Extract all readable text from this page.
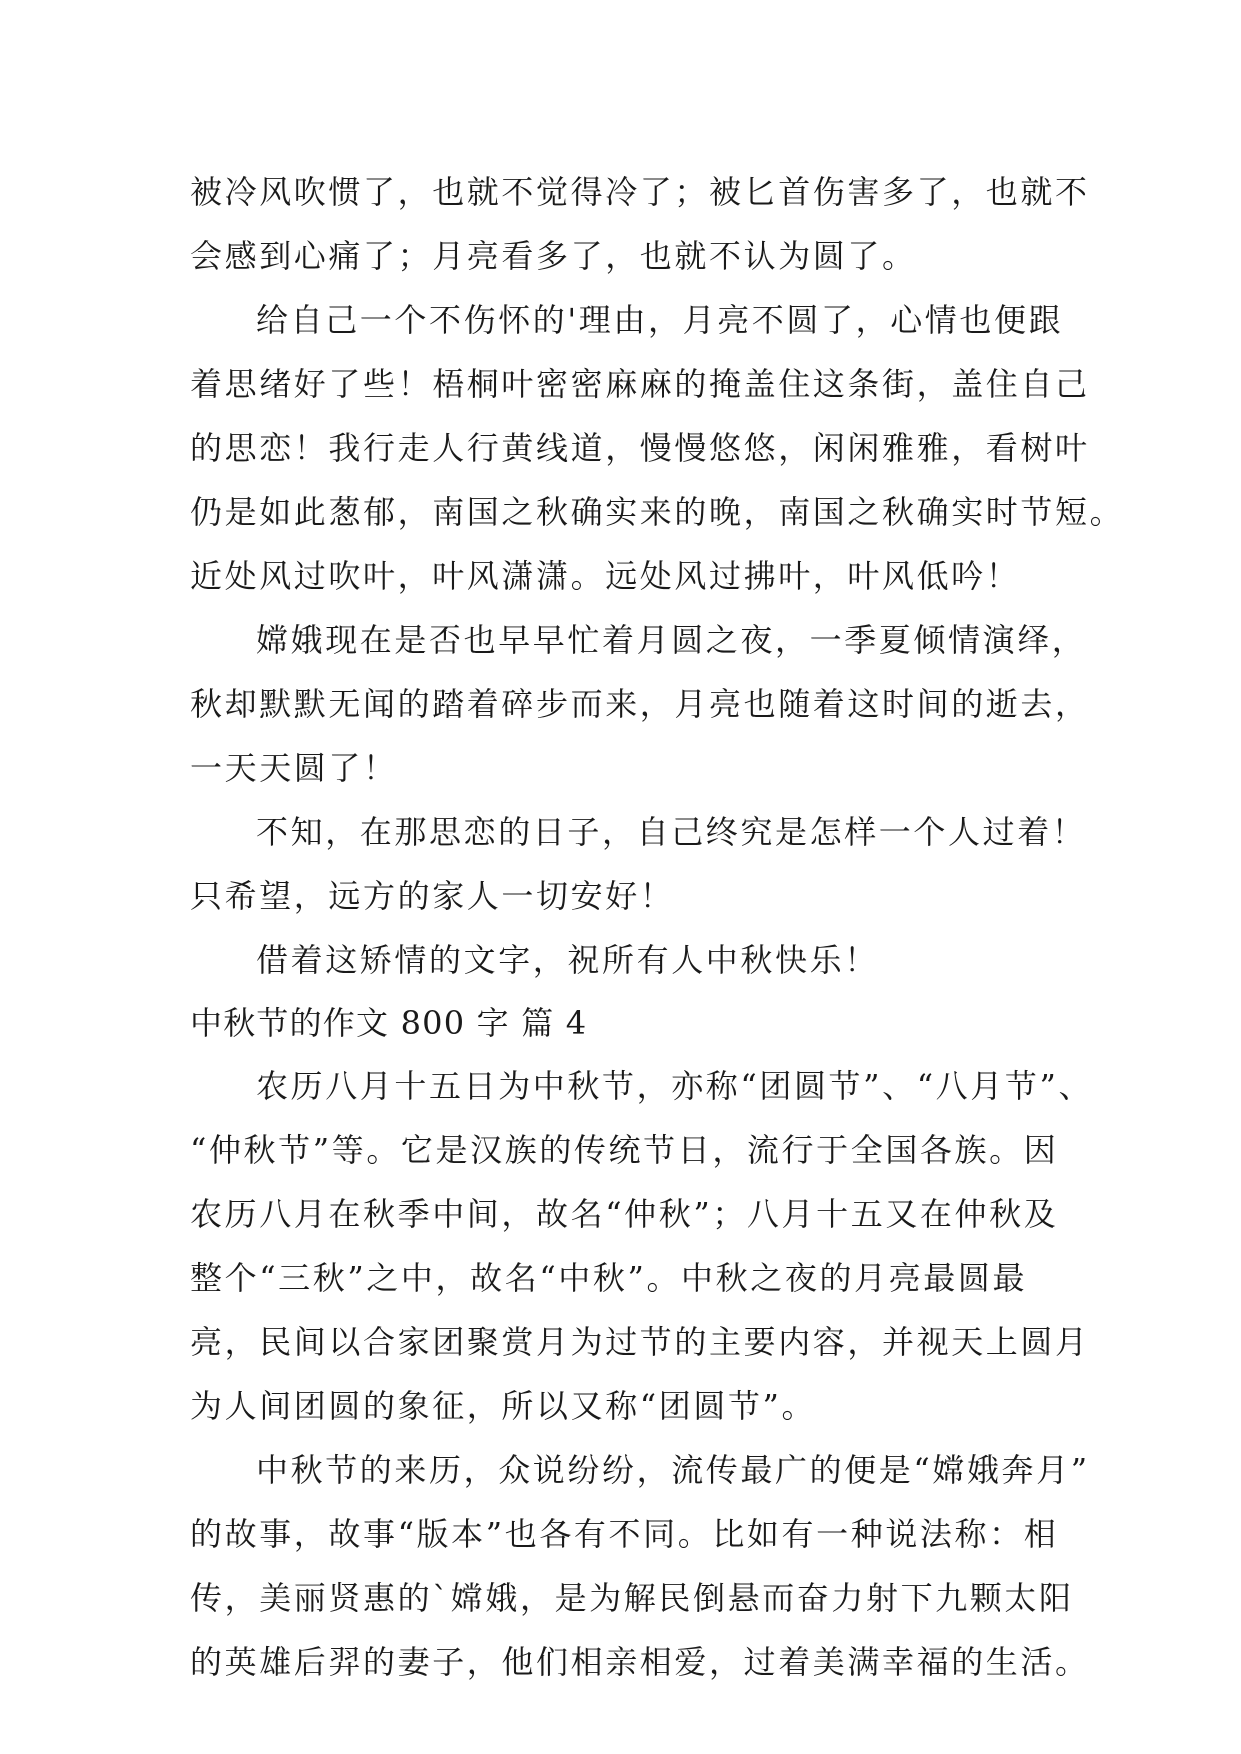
被冷风吹惯了，也就不觉得冷了；被匕首伤害多了，也就不
会感到心痛了；月亮看多了，也就不认为圆了。
给自己一个不伤怀的'理由，月亮不圆了，心情也便跟
着思绪好了些！梧桐叶密密麻麻的掩盖住这条街，盖住自己
的思恋！我行走人行黄线道，慢慢悠悠，闲闲雅雅，看树叶
仍是如此葱郁，南国之秋确实来的晚，南国之秋确实时节短。
近处风过吹叶，叶风潇潇。远处风过拂叶，叶风低吟！
嫦娥现在是否也早早忙着月圆之夜，一季夏倾情演绎，
秋却默默无闻的踏着碎步而来，月亮也随着这时间的逝去，
一天天圆了！
不知，在那思恋的日子，自己终究是怎样一个人过着！
只希望，远方的家人一切安好！
借着这矫情的文字，祝所有人中秋快乐！
中秋节的作文 800 字 篇 4
农历八月十五日为中秋节，亦称“团圆节”、“八月节”、
“仲秋节”等。它是汉族的传统节日，流行于全国各族。因
农历八月在秋季中间，故名“仲秋”；八月十五又在仲秋及
整个“三秋”之中，故名“中秋”。中秋之夜的月亮最圆最
亮，民间以合家团聚赏月为过节的主要内容，并视天上圆月
为人间团圆的象征，所以又称“团圆节”。
中秋节的来历，众说纷纷，流传最广的便是“嫦娥奔月”
的故事，故事“版本”也各有不同。比如有一种说法称：相
传，美丽贤惠的`嫦娥，是为解民倒悬而奋力射下九颗太阳
的英雄后羿的妻子，他们相亲相爱，过着美满幸福的生活。
